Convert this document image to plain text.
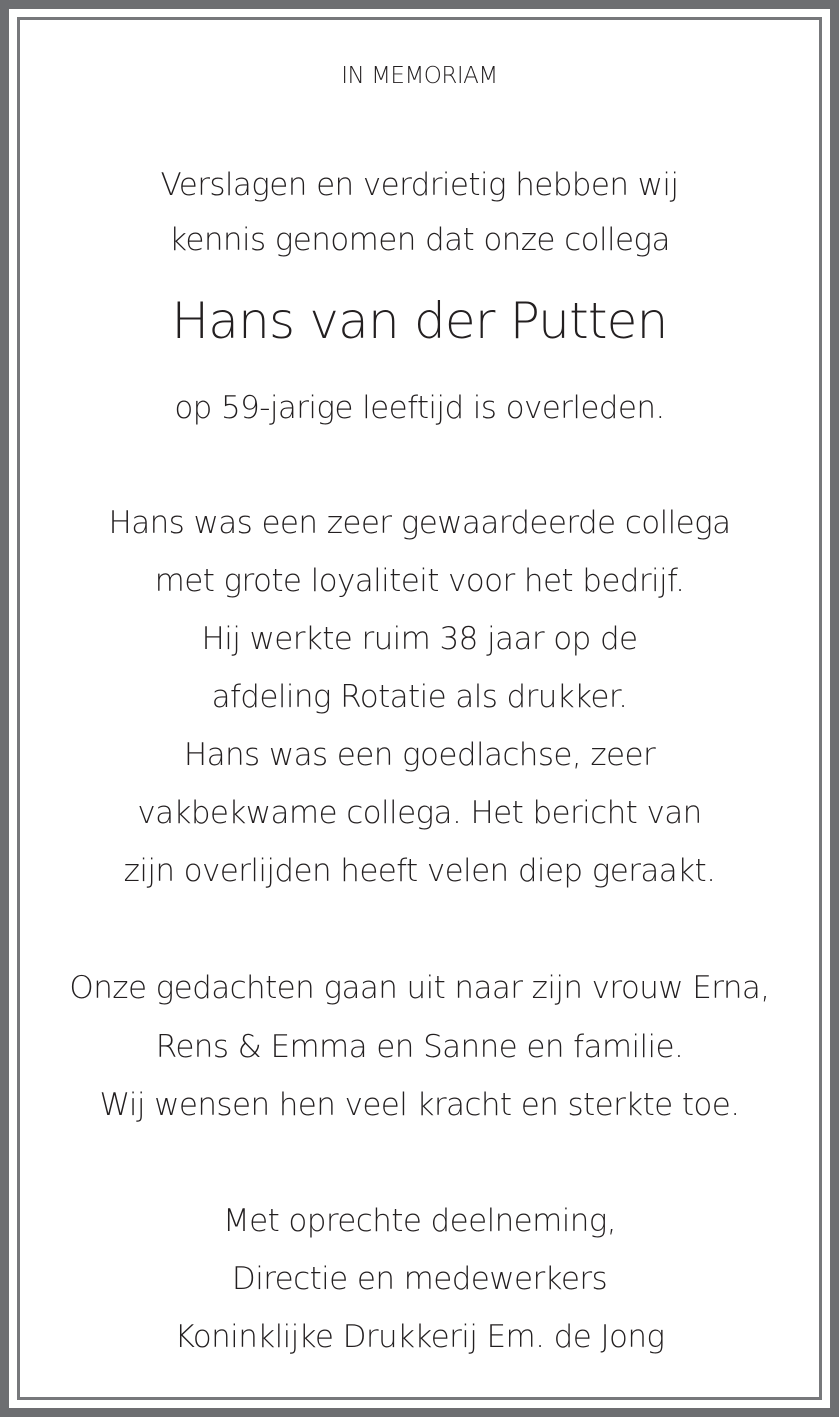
IN MEMORIAM
Verslagen en verdrietig hebben wij
kennis genomen dat onze collega
Hans van der Putten
op 59-jarige leeftijd is overleden.
Hans was een zeer gewaardeerde collega
met grote loyaliteit voor het bedrijf.
Hij werkte ruim 38 jaar op de
afdeling Rotatie als drukker.
Hans was een goedlachse, zeer
vakbekwame collega. Het bericht van
zijn overlijden heeft velen diep geraakt.
Onze gedachten gaan uit naar zijn vrouw Erna,
Rens & Emma en Sanne en familie.
Wij wensen hen veel kracht en sterkte toe.
Met oprechte deelneming,
Directie en medewerkers
Koninklijke Drukkerij Em. de Jong
